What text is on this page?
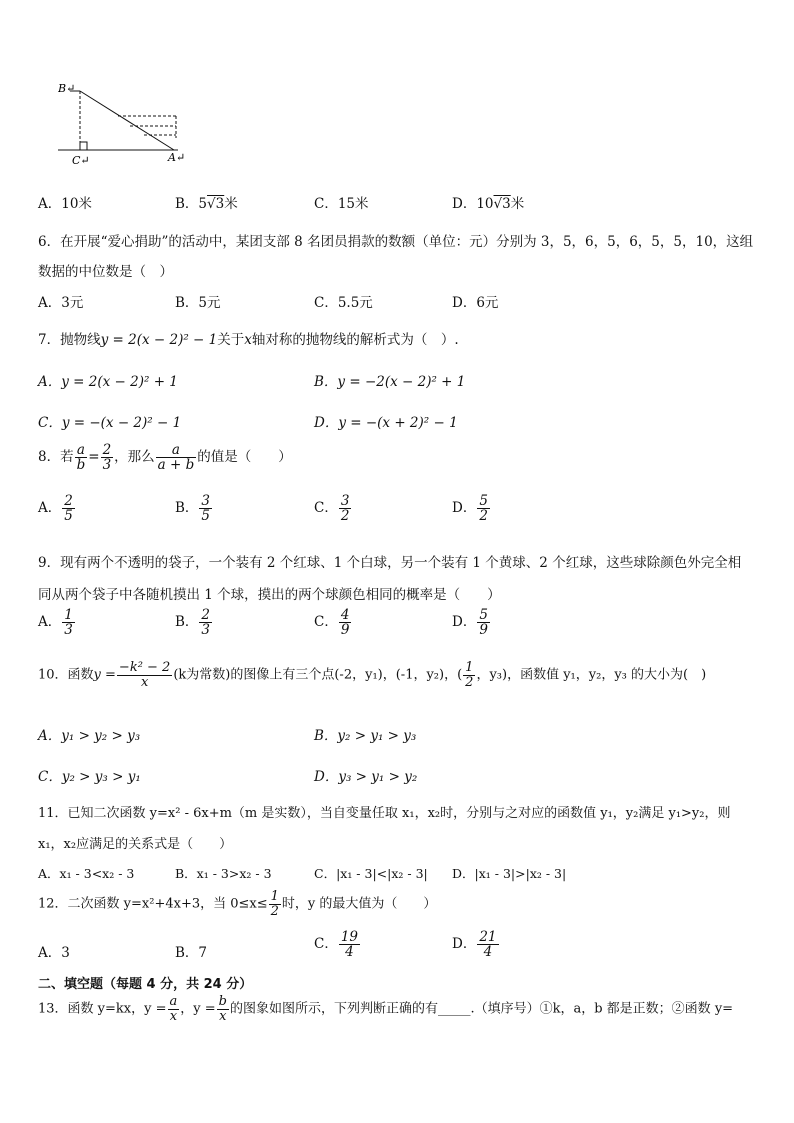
B↵
C↵	A↵
A．10米	B．5√3米	C．15米	D．10√3米
6．在开展“爱心捐助”的活动中，某团支部 8 名团员捐款的数额（单位：元）分别为 3，5，6，5，6，5，5，10，这组
数据的中位数是（　）
A．3元	B．5元	C．5.5元	D．6元
7．抛物线y = 2(x − 2)² − 1关于x轴对称的抛物线的解析式为（　）.
A．y = 2(x − 2)² + 1	B．y = −2(x − 2)² + 1
C．y = −(x − 2)² − 1	D．y = −(x + 2)² − 1
8．若 $\frac{a}{b} = \frac{2}{3}$ ，那么 $\frac{a}{a + b}$ 的值是（　　）
A． $\frac{2}{5}$	B． $\frac{3}{5}$	C． $\frac{3}{2}$	D． $\frac{5}{2}$
9．现有两个不透明的袋子，一个装有 2 个红球、1 个白球，另一个装有 1 个黄球、2 个红球，这些球除颜色外完全相
同从两个袋子中各随机摸出 1 个球，摸出的两个球颜色相同的概率是（　　）
A． $\frac{1}{3}$	B． $\frac{2}{3}$	C． $\frac{4}{9}$	D． $\frac{5}{9}$
10．函数$y = \frac{\text{−k² − 2}}{x} (k$为常数)的图像上有三个点(-2，y₁)，(-1，y₂)，( $\frac{1}{2}$ ，y₃)，函数值 y₁，y₂，y₃ 的大小为(　)
A．y₁ > y₂ > y₃	B．y₂ > y₁ > y₃
C．y₂ > y₃ > y₁	D．y₃ > y₁ > y₂
11．已知二次函数 y=x² - 6x+m（m 是实数），当自变量任取 x₁，x₂时，分别与之对应的函数值 y₁，y₂满足 y₁>y₂，则
x₁，x₂应满足的关系式是（　　）
A．x₁ - 3<x₂ - 3	B．x₁ - 3>x₂ - 3	C．|x₁ - 3|<|x₂ - 3| D．|x₁ - 3|>|x₂ - 3|
12．二次函数 y=x²+4x+3，当 $0\le x\le \frac{1}{2}$ 时，y 的最大值为（　　）
A．3	B．7
C． $\frac{19}{4}$	D． $\frac{21}{4}$
二、填空题（每题 4 分，共 24 分）
13．函数 y=kx，$y = \frac{a}{x}$ ，$y = \frac{b}{x}$ 的图象如图所示，下列判断正确的有_____.（填序号）①k，a，b 都是正数；②函数 y=
